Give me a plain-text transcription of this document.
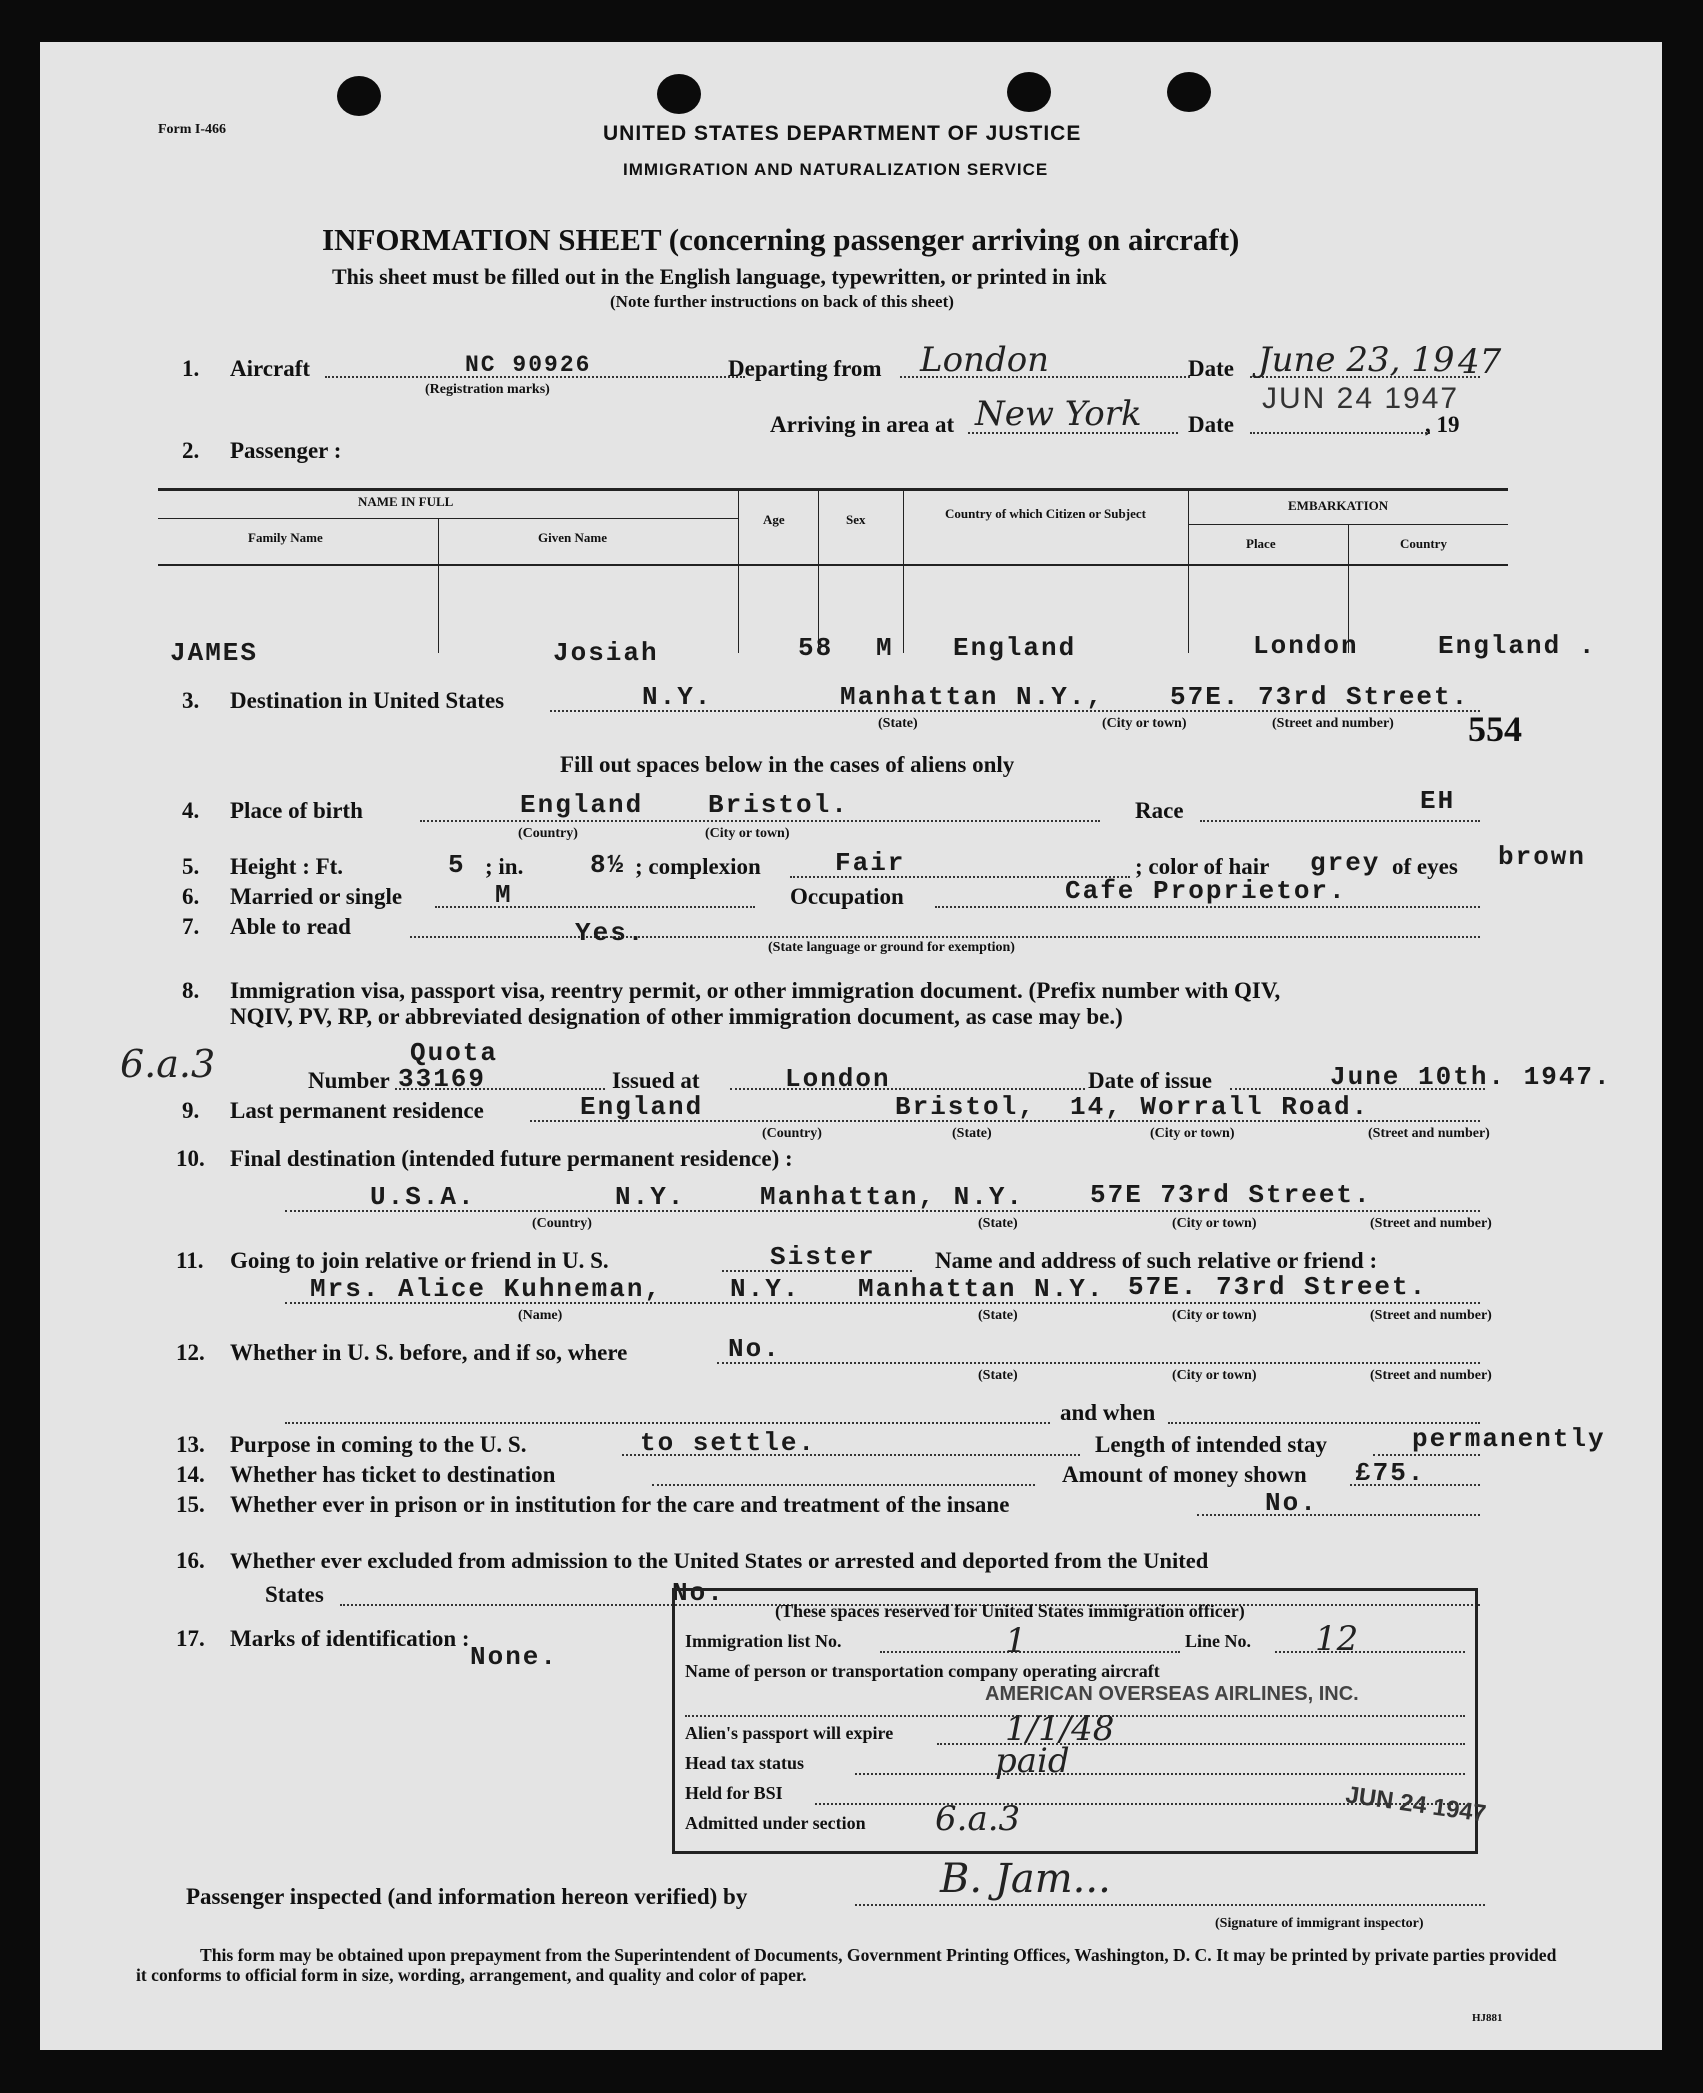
Form I-466	UNITED STATES DEPARTMENT OF JUSTICE
IMMIGRATION AND NATURALIZATION SERVICE
INFORMATION SHEET (concerning passenger arriving on aircraft)
This sheet must be filled out in the English language, typewritten, or printed in ink
(Note further instructions on back of this sheet)
1. Aircraft	NC 90926
(Registration marks)
Departing from London	Date June 23, 19 47
Arriving in area at New York Date
JUN 24 1947
, 19
2. Passenger :
NAME IN FULL
Family Name	Given Name
Age	Sex	Country of which Citizen or Subject
EMBARKATION
Place	Country
JAMES	Josiah	58 M England	London	England .
3. Destination in United States	N.Y.	Manhattan N.Y.,	57E. 73rd Street.
(State)	(City or town)	(Street and number) 554
Fill out spaces below in the cases of aliens only
4. Place of birth	England Bristol.
(Country)	(City or town)
Race	EH
5. Height : Ft.	5 ; in.	8½ ; complexion	Fair	; color of hair grey of eyes brown
6. Married or single	M	Occupation	Cafe Proprietor.
7. Able to read	Yes.	(State language or ground for exemption)
8. Immigration visa, passport visa, reentry permit, or other immigration document. (Prefix number with QIV,
NQIV, PV, RP, or abbreviated designation of other immigration document, as case may be.)
6.a.3	Quota
Number 33169	Issued at	London	Date of issue	June 10th. 1947.
9. Last permanent residence	England	Bristol, 14, Worrall Road.
(Country)	(State)	(City or town)	(Street and number)
10. Final destination (intended future permanent residence) :
U.S.A.	N.Y.	Manhattan, N.Y.	57E 73rd Street.
(Country)	(State)	(City or town)	(Street and number)
11. Going to join relative or friend in U. S.	Sister	Name and address of such relative or friend :
Mrs. Alice Kuhneman,	N.Y. Manhattan N.Y. 57E. 73rd Street.
(Name)	(State)	(City or town)	(Street and number)
12. Whether in U. S. before, and if so, where	No.
(State)	(City or town)	(Street and number)
and when
13. Purpose in coming to the U. S.	to settle.	Length of intended stay	permanently
14. Whether has ticket to destination	Amount of money shown £75.
15. Whether ever in prison or in institution for the care and treatment of the insane	No.
16. Whether ever excluded from admission to the United States or arrested and deported from the United
States	No.
17. Marks of identification :
None.
(These spaces reserved for United States immigration officer)
Immigration list No.	1	Line No. 12
Name of person or transportation company operating aircraft
AMERICAN OVERSEAS AIRLINES, INC.
Alien's passport will expire	1/1/48
Head tax status	paid
Held for BSI
Admitted under section 6.a.3	JUN 24 1947
Passenger inspected (and information hereon verified) by	B. Jam...
(Signature of immigrant inspector)
This form may be obtained upon prepayment from the Superintendent of Documents, Government Printing Offices, Washington, D. C. It may be printed by private parties provided it conforms to official form in size, wording, arrangement, and quality and color of paper.
HJ881
